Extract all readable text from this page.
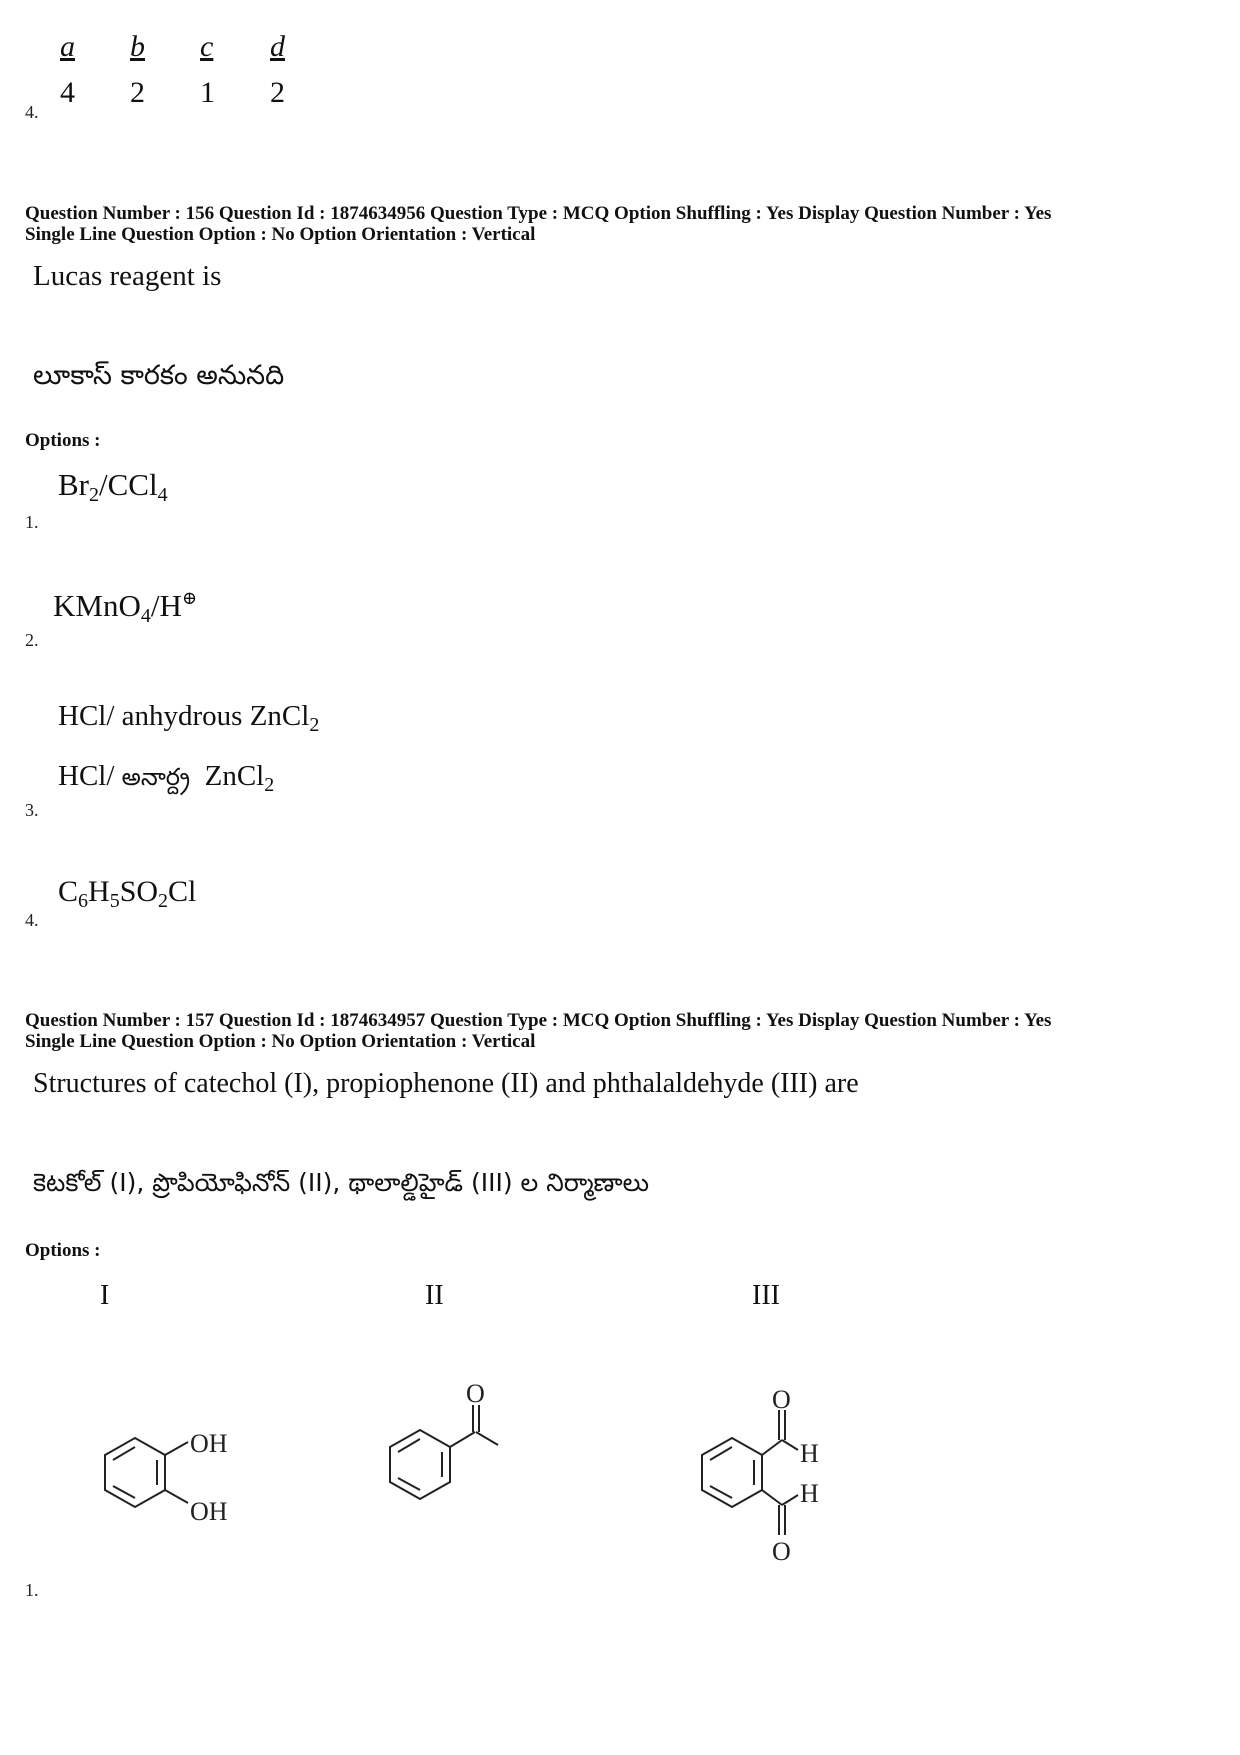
a b c d
4 2 1 2
4.
Question Number : 156 Question Id : 1874634956 Question Type : MCQ Option Shuffling : Yes Display Question Number : Yes
Single Line Question Option : No Option Orientation : Vertical
Lucas reagent is
లూకాస్ కారకం అనునది
Options :
$Br_2/CCl_4$
1.
KMnO$_4$/H⊕
2.
HCl/ anhydrous ZnCl$_2$
HCl/ అనార్ద్ర ZnCl$_2$
3.
$C_6H_5SO_2Cl$
4.
Question Number : 157 Question Id : 1874634957 Question Type : MCQ Option Shuffling : Yes Display Question Number : Yes
Single Line Question Option : No Option Orientation : Vertical
Structures of catechol (I), propiophenone (II) and phthalaldehyde (III) are
కెటకోల్ (I), ప్రొపియోఫినోన్ (II), థాలాల్డిహైడ్ (III) ల నిర్మాణాలు
Options :
I	II	III
OH
OH
O	O
H
H
O
1.
